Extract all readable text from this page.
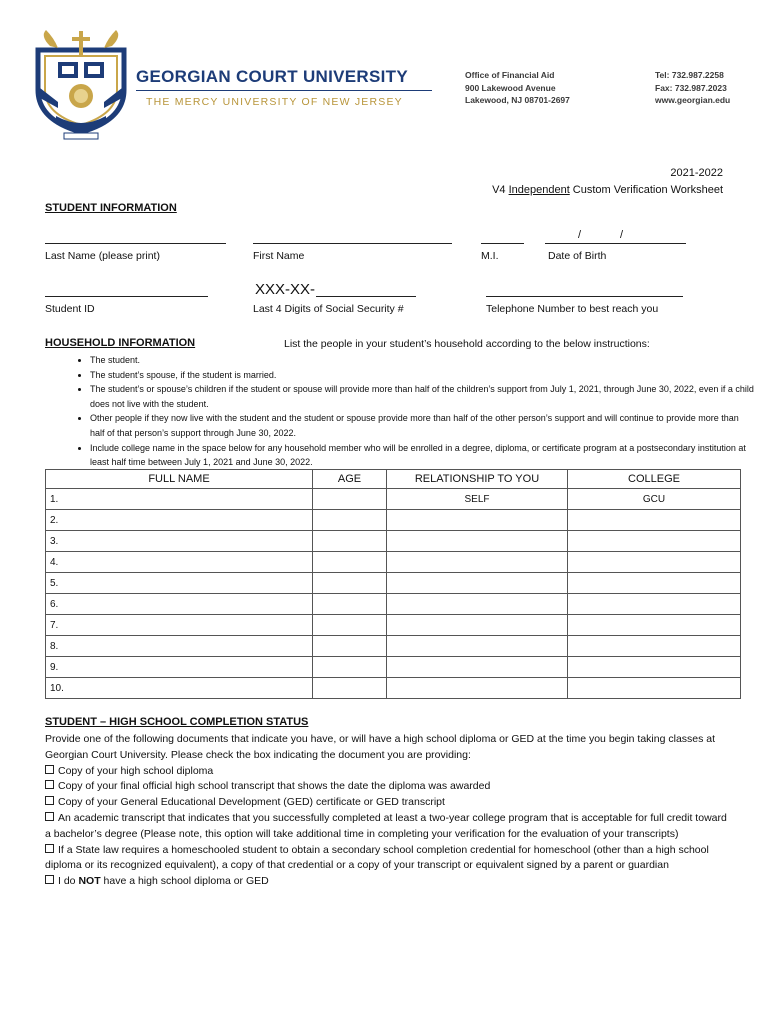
GEORGIAN COURT UNIVERSITY
THE MERCY UNIVERSITY OF NEW JERSEY
Office of Financial Aid
900 Lakewood Avenue
Lakewood, NJ 08701-2697
Tel: 732.987.2258
Fax: 732.987.2023
www.georgian.edu
2021-2022
V4 Independent Custom Verification Worksheet
STUDENT INFORMATION
/	/
Last Name (please print)	First Name	M.I.	Date of Birth
XXX-XX-
Student ID	Last 4 Digits of Social Security #	Telephone Number to best reach you
HOUSEHOLD INFORMATION	List the people in your student’s household according to the below instructions:
• The student.
• The student’s spouse, if the student is married.
• The student’s or spouse’s children if the student or spouse will provide more than half of the children’s support from July 1, 2021, through June 30, 2022, even if a child does not live with the student.
• Other people if they now live with the student and the student or spouse provide more than half of the other person’s support and will continue to provide more than half of that person’s support through June 30, 2022.
• Include college name in the space below for any household member who will be enrolled in a degree, diploma, or certificate program at a postsecondary institution at least half time between July 1, 2021 and June 30, 2022.
FULL NAME	AGE	RELATIONSHIP TO YOU	COLLEGE
1.		SELF	GCU
2.			
3.			
4.			
5.			
6.			
7.			
8.			
9.			
10.			
STUDENT – HIGH SCHOOL COMPLETION STATUS
Provide one of the following documents that indicate you have, or will have a high school diploma or GED at the time you begin taking classes at Georgian Court University. Please check the box indicating the document you are providing:
Copy of your high school diploma
Copy of your final official high school transcript that shows the date the diploma was awarded
Copy of your General Educational Development (GED) certificate or GED transcript
An academic transcript that indicates that you successfully completed at least a two-year college program that is acceptable for full credit toward a bachelor’s degree (Please note, this option will take additional time in completing your verification for the evaluation of your transcripts)
If a State law requires a homeschooled student to obtain a secondary school completion credential for homeschool (other than a high school diploma or its recognized equivalent), a copy of that credential or a copy of your transcript or equivalent signed by a parent or guardian
I do NOT have a high school diploma or GED
